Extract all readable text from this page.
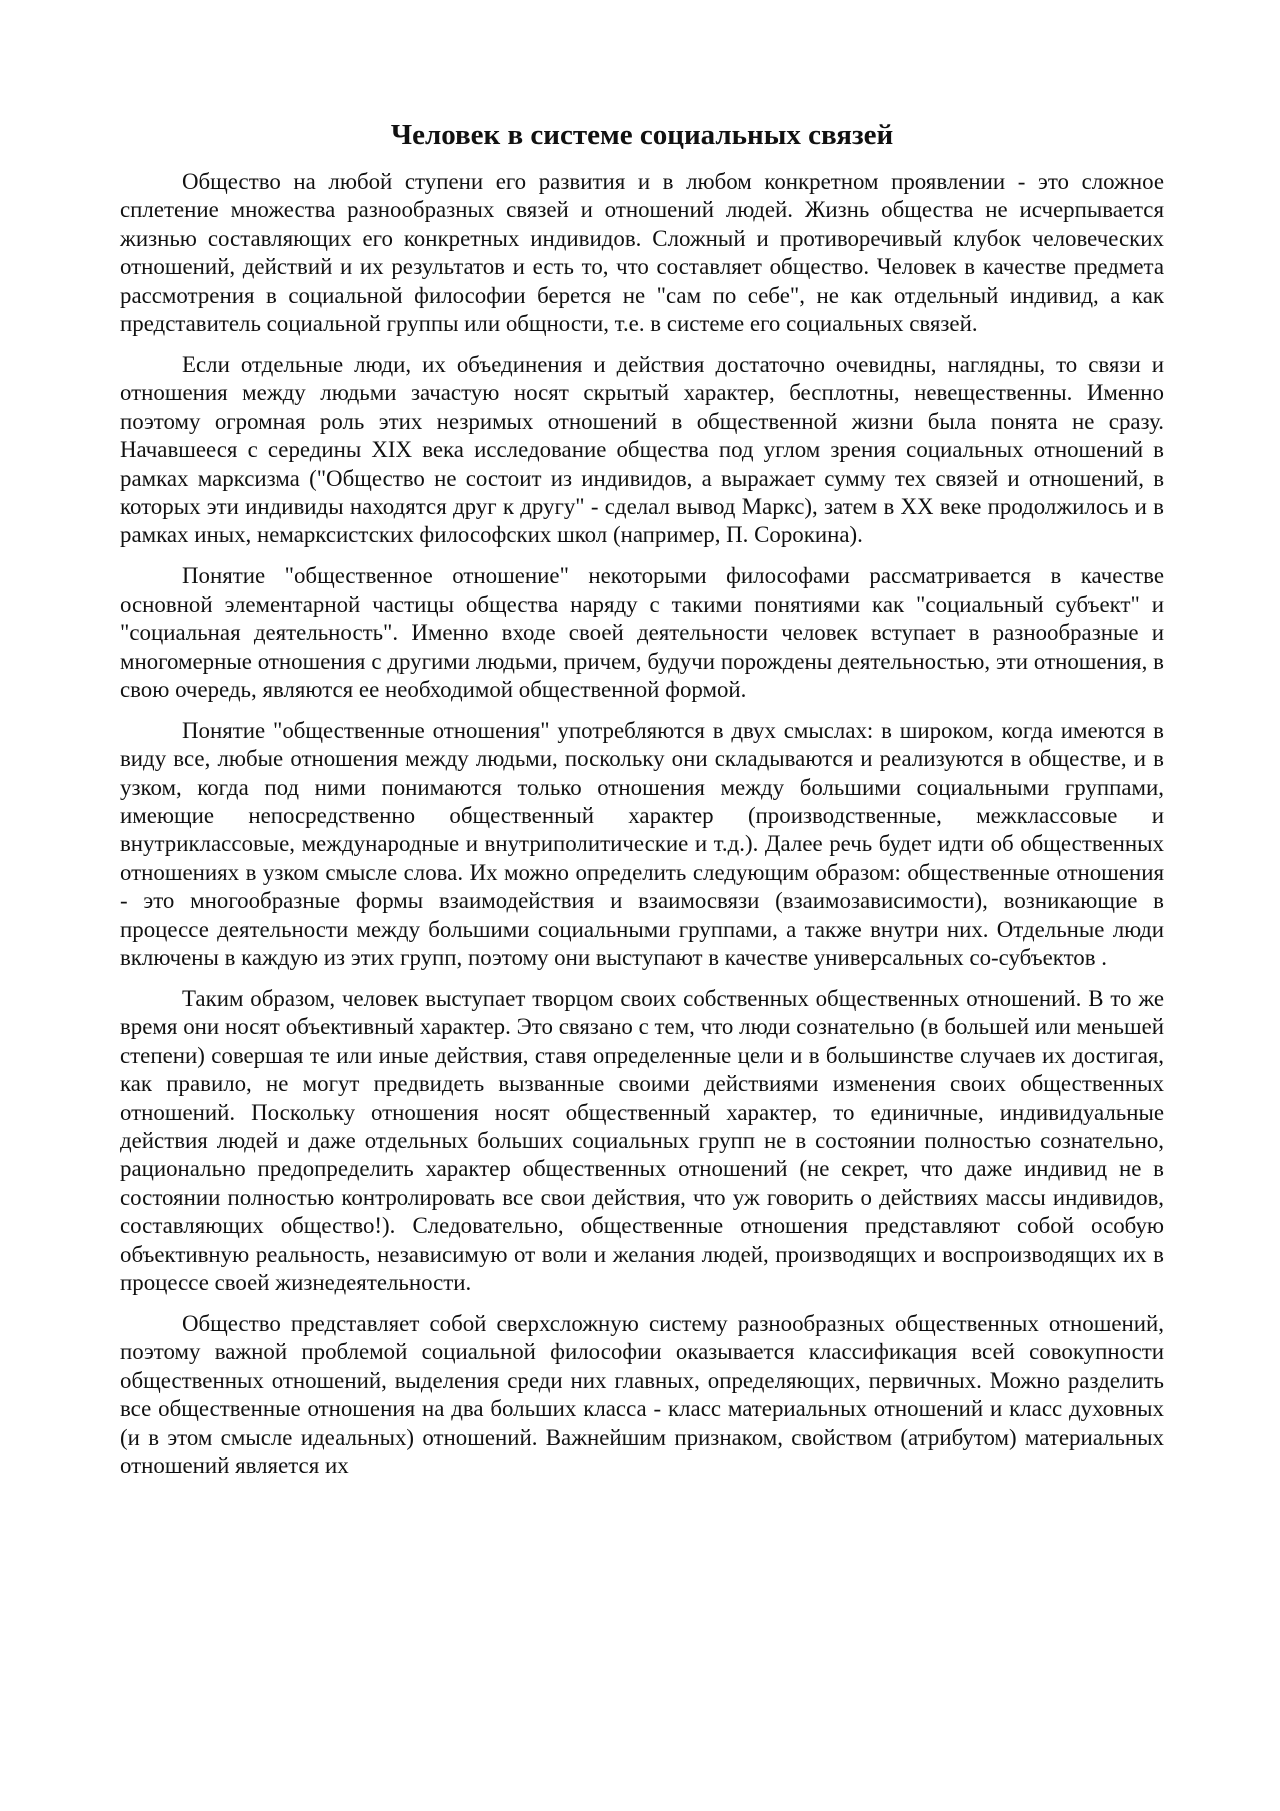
Человек в системе социальных связей

Общество на любой ступени его развития и в любом конкретном проявлении - это сложное сплетение множества разнообразных связей и отношений людей. Жизнь общества не исчерпывается жизнью составляющих его конкретных индивидов. Сложный и противоречивый клубок человеческих отношений, действий и их результатов и есть то, что составляет общество. Человек в качестве предмета рассмотрения в социальной философии берется не "сам по себе", не как отдельный индивид, а как представитель социальной группы или общности, т.е. в системе его социальных связей.

Если отдельные люди, их объединения и действия достаточно очевидны, наглядны, то связи и отношения между людьми зачастую носят скрытый характер, бесплотны, невещественны. Именно поэтому огромная роль этих незримых отношений в общественной жизни была понята не сразу. Начавшееся с середины XIX века исследование общества под углом зрения социальных отношений в рамках марксизма ("Общество не состоит из индивидов, а выражает сумму тех связей и отношений, в которых эти индивиды находятся друг к другу" - сделал вывод Маркс), затем в XX веке продолжилось и в рамках иных, немарксистских философских школ (например, П. Сорокина).

Понятие "общественное отношение" некоторыми философами рассматривается в качестве основной элементарной частицы общества наряду с такими понятиями как "социальный субъект" и "социальная деятельность". Именно входе своей деятельности человек вступает в разнообразные и многомерные отношения с другими людьми, причем, будучи порождены деятельностью, эти отношения, в свою очередь, являются ее необходимой общественной формой.

Понятие "общественные отношения" употребляются в двух смыслах: в широком, когда имеются в виду все, любые отношения между людьми, поскольку они складываются и реализуются в обществе, и в узком, когда под ними понимаются только отношения между большими социальными группами, имеющие непосредственно общественный характер (производственные, межклассовые и внутриклассовые, международные и внутриполитические и т.д.). Далее речь будет идти об общественных отношениях в узком смысле слова. Их можно определить следующим образом: общественные отношения - это многообразные формы взаимодействия и взаимосвязи (взаимозависимости), возникающие в процессе деятельности между большими социальными группами, а также внутри них. Отдельные люди включены в каждую из этих групп, поэтому они выступают в качестве универсальных со-субъектов .

Таким образом, человек выступает творцом своих собственных общественных отношений. В то же время они носят объективный характер. Это связано с тем, что люди сознательно (в большей или меньшей степени) совершая те или иные действия, ставя определенные цели и в большинстве случаев их достигая, как правило, не могут предвидеть вызванные своими действиями изменения своих общественных отношений. Поскольку отношения носят общественный характер, то единичные, индивидуальные действия людей и даже отдельных больших социальных групп не в состоянии полностью сознательно, рационально предопределить характер общественных отношений (не секрет, что даже индивид не в состоянии полностью контролировать все свои действия, что уж говорить о действиях массы индивидов, составляющих общество!). Следовательно, общественные отношения представляют собой особую объективную реальность, независимую от воли и желания людей, производящих и воспроизводящих их в процессе своей жизнедеятельности.

Общество представляет собой сверхсложную систему разнообразных общественных отношений, поэтому важной проблемой социальной философии оказывается классификация всей совокупности общественных отношений, выделения среди них главных, определяющих, первичных. Можно разделить все общественные отношения на два больших класса - класс материальных отношений и класс духовных (и в этом смысле идеальных) отношений. Важнейшим признаком, свойством (атрибутом) материальных отношений является их
